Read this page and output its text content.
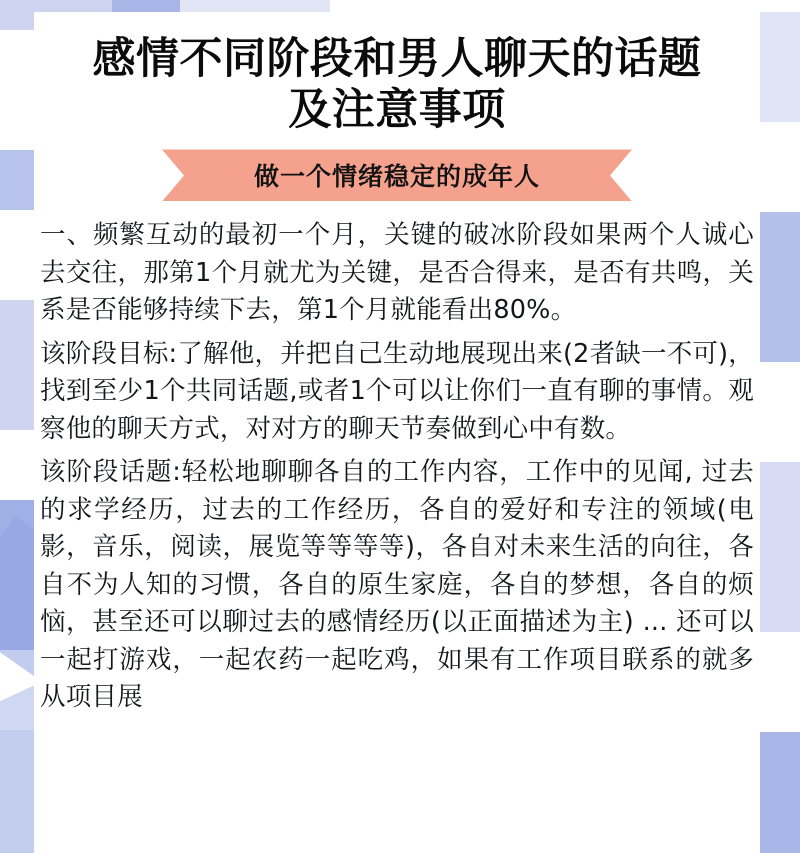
感情不同阶段和男人聊天的话题
及注意事项
做一个情绪稳定的成年人

一、频繁互动的最初一个月，关键的破冰阶段如果两个人诚心去交往，那第1个月就尤为关键，是否合得来，是否有共鸣，关系是否能够持续下去，第1个月就能看出80%。

该阶段目标:了解他，并把自己生动地展现出来(2者缺一不可)，找到至少1个共同话题,或者1个可以让你们一直有聊的事情。观察他的聊天方式，对对方的聊天节奏做到心中有数。

该阶段话题:轻松地聊聊各自的工作内容，工作中的见闻, 过去的求学经历，过去的工作经历，各自的爱好和专注的领域(电影，音乐，阅读，展览等等等等)，各自对未来生活的向往，各自不为人知的习惯，各自的原生家庭，各自的梦想，各自的烦恼，甚至还可以聊过去的感情经历(以正面描述为主) ... 还可以一起打游戏，一起农药一起吃鸡，如果有工作项目联系的就多从项目展
